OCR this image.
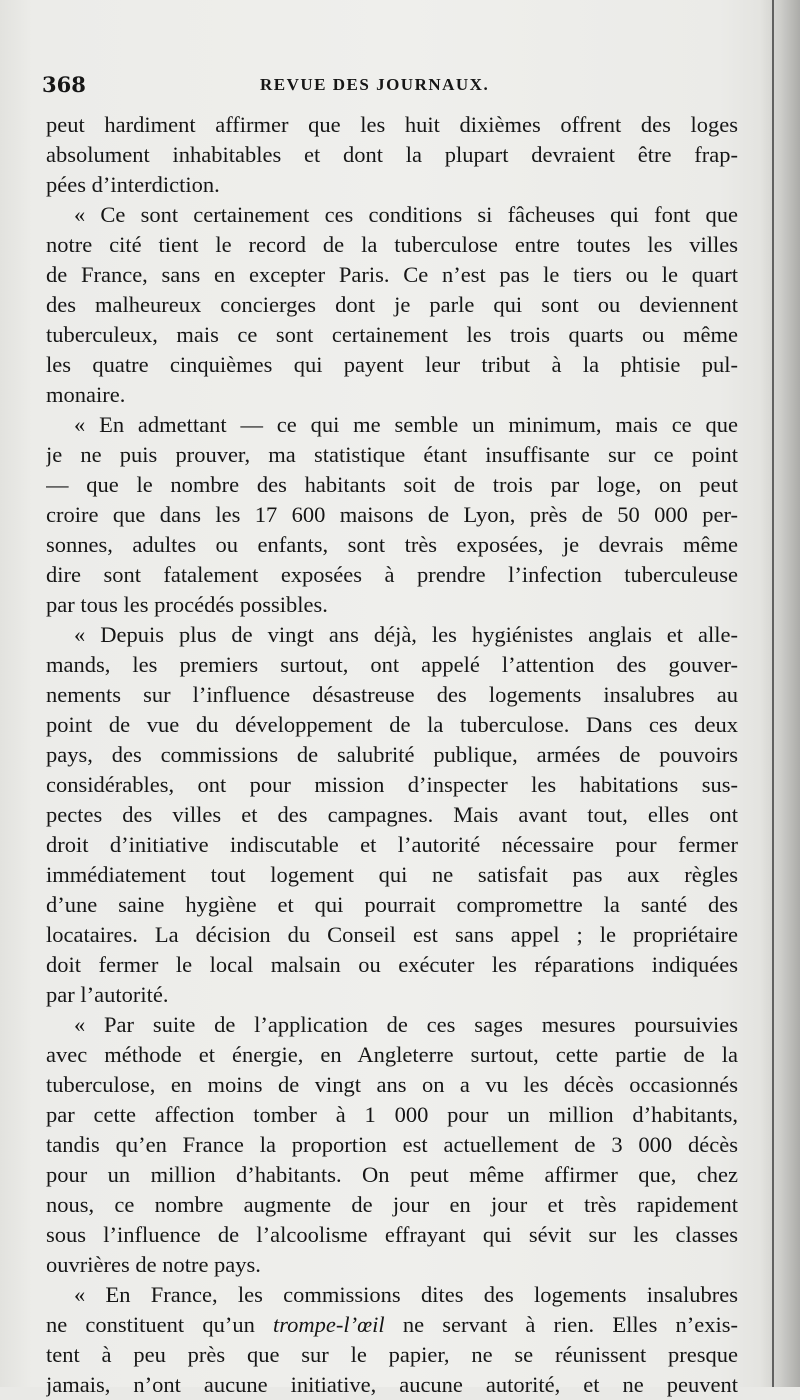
368	REVUE DES JOURNAUX.
peut hardiment affirmer que les huit dixièmes offrent des loges
absolument inhabitables et dont la plupart devraient être frap-
pées d’interdiction.
« Ce sont certainement ces conditions si fâcheuses qui font que
notre cité tient le record de la tuberculose entre toutes les villes
de France, sans en excepter Paris. Ce n’est pas le tiers ou le quart
des malheureux concierges dont je parle qui sont ou deviennent
tuberculeux, mais ce sont certainement les trois quarts ou même
les quatre cinquièmes qui payent leur tribut à la phtisie pul-
monaire.
« En admettant — ce qui me semble un minimum, mais ce que
je ne puis prouver, ma statistique étant insuffisante sur ce point
— que le nombre des habitants soit de trois par loge, on peut
croire que dans les 17 600 maisons de Lyon, près de 50 000 per-
sonnes, adultes ou enfants, sont très exposées, je devrais même
dire sont fatalement exposées à prendre l’infection tuberculeuse
par tous les procédés possibles.
« Depuis plus de vingt ans déjà, les hygiénistes anglais et alle-
mands, les premiers surtout, ont appelé l’attention des gouver-
nements sur l’influence désastreuse des logements insalubres au
point de vue du développement de la tuberculose. Dans ces deux
pays, des commissions de salubrité publique, armées de pouvoirs
considérables, ont pour mission d’inspecter les habitations sus-
pectes des villes et des campagnes. Mais avant tout, elles ont
droit d’initiative indiscutable et l’autorité nécessaire pour fermer
immédiatement tout logement qui ne satisfait pas aux règles
d’une saine hygiène et qui pourrait compromettre la santé des
locataires. La décision du Conseil est sans appel ; le propriétaire
doit fermer le local malsain ou exécuter les réparations indiquées
par l’autorité.
« Par suite de l’application de ces sages mesures poursuivies
avec méthode et énergie, en Angleterre surtout, cette partie de la
tuberculose, en moins de vingt ans on a vu les décès occasionnés
par cette affection tomber à 1 000 pour un million d’habitants,
tandis qu’en France la proportion est actuellement de 3 000 décès
pour un million d’habitants. On peut même affirmer que, chez
nous, ce nombre augmente de jour en jour et très rapidement
sous l’influence de l’alcoolisme effrayant qui sévit sur les classes
ouvrières de notre pays.
« En France, les commissions dites des logements insalubres
ne constituent qu’un trompe-l’œil ne servant à rien. Elles n’exis-
tent à peu près que sur le papier, ne se réunissent presque
jamais, n’ont aucune initiative, aucune autorité, et ne peuvent
